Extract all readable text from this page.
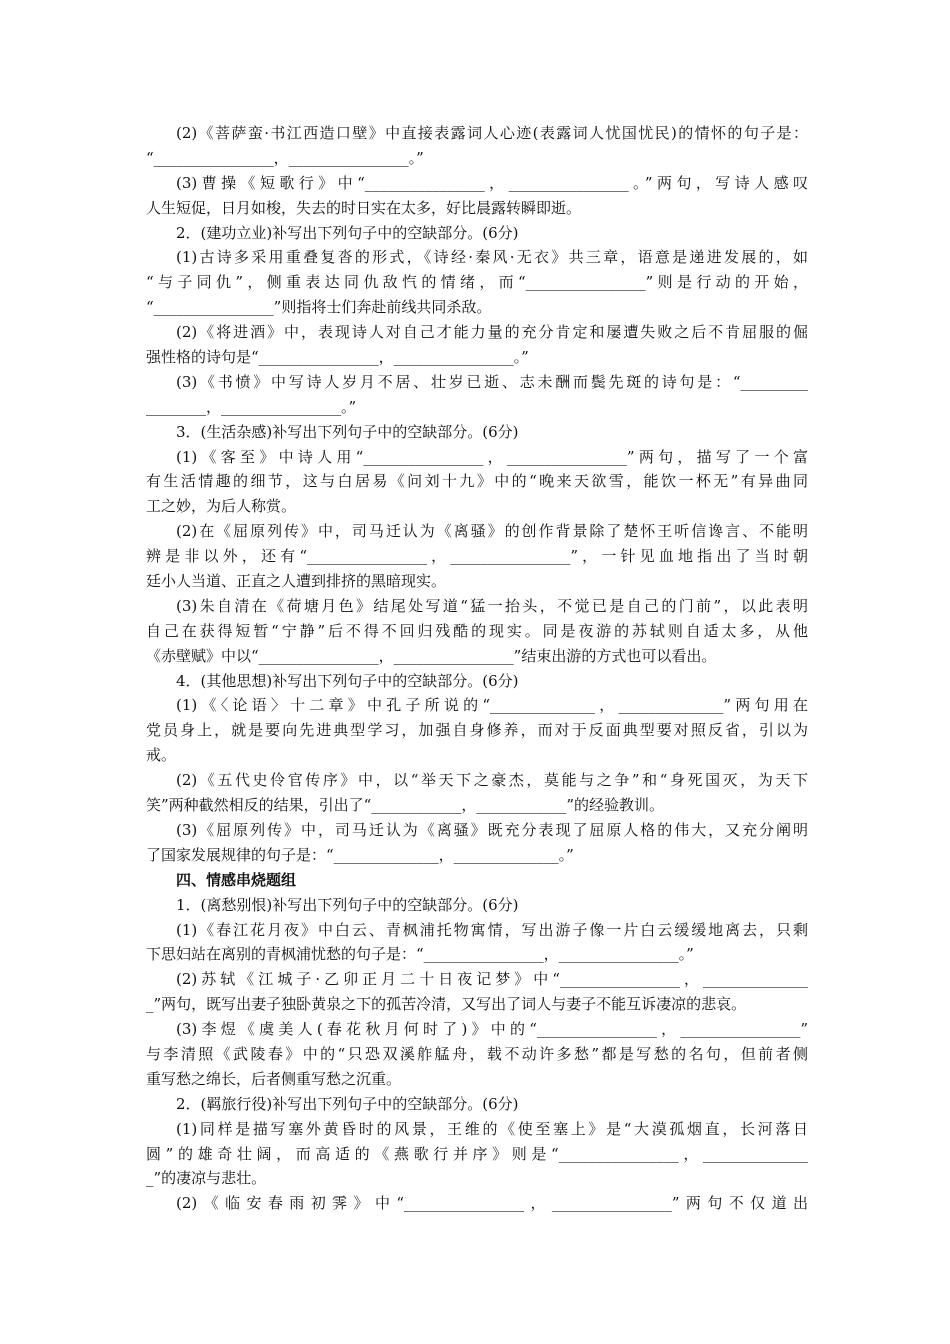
(2)《菩萨蛮·书江西造口壁》中直接表露词人心迹(表露词人忧国忧民)的情怀的句子是：
“________________，________________。”
(3)曹操《短歌行》中“________________，________________。”两句，写诗人感叹
人生短促，日月如梭，失去的时日实在太多，好比晨露转瞬即逝。
2．(建功立业)补写出下列句子中的空缺部分。(6分)
(1)古诗多采用重叠复沓的形式，《诗经·秦风·无衣》共三章，语意是递进发展的，如
“与子同仇”，侧重表达同仇敌忾的情绪，而“________________”则是行动的开始，
“________________”则指将士们奔赴前线共同杀敌。
(2)《将进酒》中，表现诗人对自己才能力量的充分肯定和屡遭失败之后不肯屈服的倔
强性格的诗句是“________________，________________。”
(3)《书愤》中写诗人岁月不居、壮岁已逝、志未酬而鬓先斑的诗句是：“_________
________，________________。”
3．(生活杂感)补写出下列句子中的空缺部分。(6分)
(1)《客至》中诗人用“________________，________________”两句，描写了一个富
有生活情趣的细节，这与白居易《问刘十九》中的“晚来天欲雪，能饮一杯无”有异曲同
工之妙，为后人称赏。
(2)在《屈原列传》中，司马迁认为《离骚》的创作背景除了楚怀王听信谗言、不能明
辨是非以外，还有“________________，________________”，一针见血地指出了当时朝
廷小人当道、正直之人遭到排挤的黑暗现实。
(3)朱自清在《荷塘月色》结尾处写道“猛一抬头，不觉已是自己的门前”，以此表明
自己在获得短暂“宁静”后不得不回归残酷的现实。同是夜游的苏轼则自适太多，从他
《赤壁赋》中以“________________，________________”结束出游的方式也可以看出。
4．(其他思想)补写出下列句子中的空缺部分。(6分)
(1)《〈论语〉十二章》中孔子所说的“______________，______________”两句用在
党员身上，就是要向先进典型学习，加强自身修养，而对于反面典型要对照反省，引以为
戒。
(2)《五代史伶官传序》中，以“举天下之豪杰，莫能与之争”和“身死国灭，为天下
笑”两种截然相反的结果，引出了“____________，____________”的经验教训。
(3)《屈原列传》中，司马迁认为《离骚》既充分表现了屈原人格的伟大，又充分阐明
了国家发展规律的句子是：“______________，______________。”
四、情感串烧题组
1．(离愁别恨)补写出下列句子中的空缺部分。(6分)
(1)《春江花月夜》中白云、青枫浦托物寓情，写出游子像一片白云缓缓地离去，只剩
下思妇站在离别的青枫浦忧愁的句子是：“________________，________________。”
(2)苏轼《江城子·乙卯正月二十日夜记梦》中“________________，______________
_”两句，既写出妻子独卧黄泉之下的孤苦冷清，又写出了词人与妻子不能互诉凄凉的悲哀。
(3)李煜《虞美人(春花秋月何时了)》中的“________________，________________”
与李清照《武陵春》中的“只恐双溪舴艋舟，载不动许多愁”都是写愁的名句，但前者侧
重写愁之绵长，后者侧重写愁之沉重。
2．(羁旅行役)补写出下列句子中的空缺部分。(6分)
(1)同样是描写塞外黄昏时的风景，王维的《使至塞上》是“大漠孤烟直，长河落日
圆”的雄奇壮阔，而高适的《燕歌行并序》则是“________________，______________
_”的凄凉与悲壮。
(2)《临安春雨初霁》中“________________，________________”两句不仅道出
